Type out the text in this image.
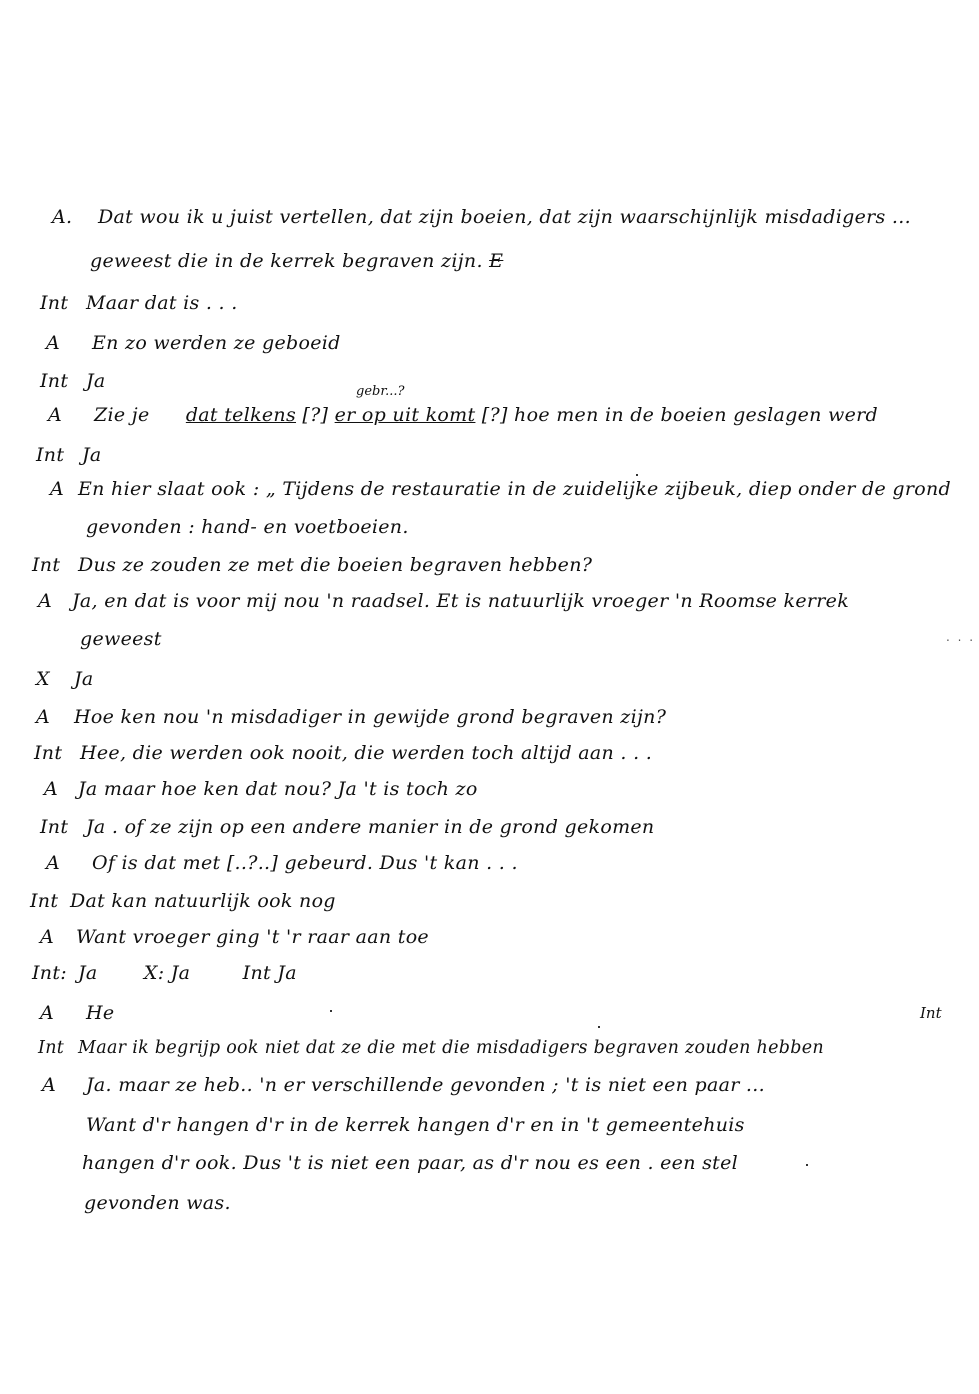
A. Dat wou ik u juist vertellen, dat zijn boeien, dat zijn waarschijnlijk misdadigers ...
geweest die in de kerrek begraven zijn. E
Int Maar dat is . . .
A En zo werden ze geboeid
Int Ja	gebr...?
A Zie je dat telkens [?] er op uit komt [?] hoe men in de boeien geslagen werd
Int Ja
A En hier slaat ook : „ Tijdens de restauratie in de zuidelijke zijbeuk, diep onder de grond
gevonden : hand- en voetboeien.
Int Dus ze zouden ze met die boeien begraven hebben?
A Ja, en dat is voor mij nou 'n raadsel. Et is natuurlijk vroeger 'n Roomse kerrek
geweest	. . .
X Ja
A Hoe ken nou 'n misdadiger in gewijde grond begraven zijn?
Int Hee, die werden ook nooit, die werden toch altijd aan . . .
A Ja maar hoe ken dat nou? Ja 't is toch zo
Int Ja . of ze zijn op een andere manier in de grond gekomen
A Of is dat met [..?..] gebeurd. Dus 't kan . . .
Int Dat kan natuurlijk ook nog
A Want vroeger ging 't 'r raar aan toe
Int: Ja X: Ja	Int Ja
A He	Int
Int Maar ik begrijp ook niet dat ze die met die misdadigers begraven zouden hebben
A Ja. maar ze heb.. 'n er verschillende gevonden ; 't is niet een paar ...
Want d'r hangen d'r in de kerrek hangen d'r en in 't gemeentehuis
hangen d'r ook. Dus 't is niet een paar, as d'r nou es een . een stel
gevonden was.
